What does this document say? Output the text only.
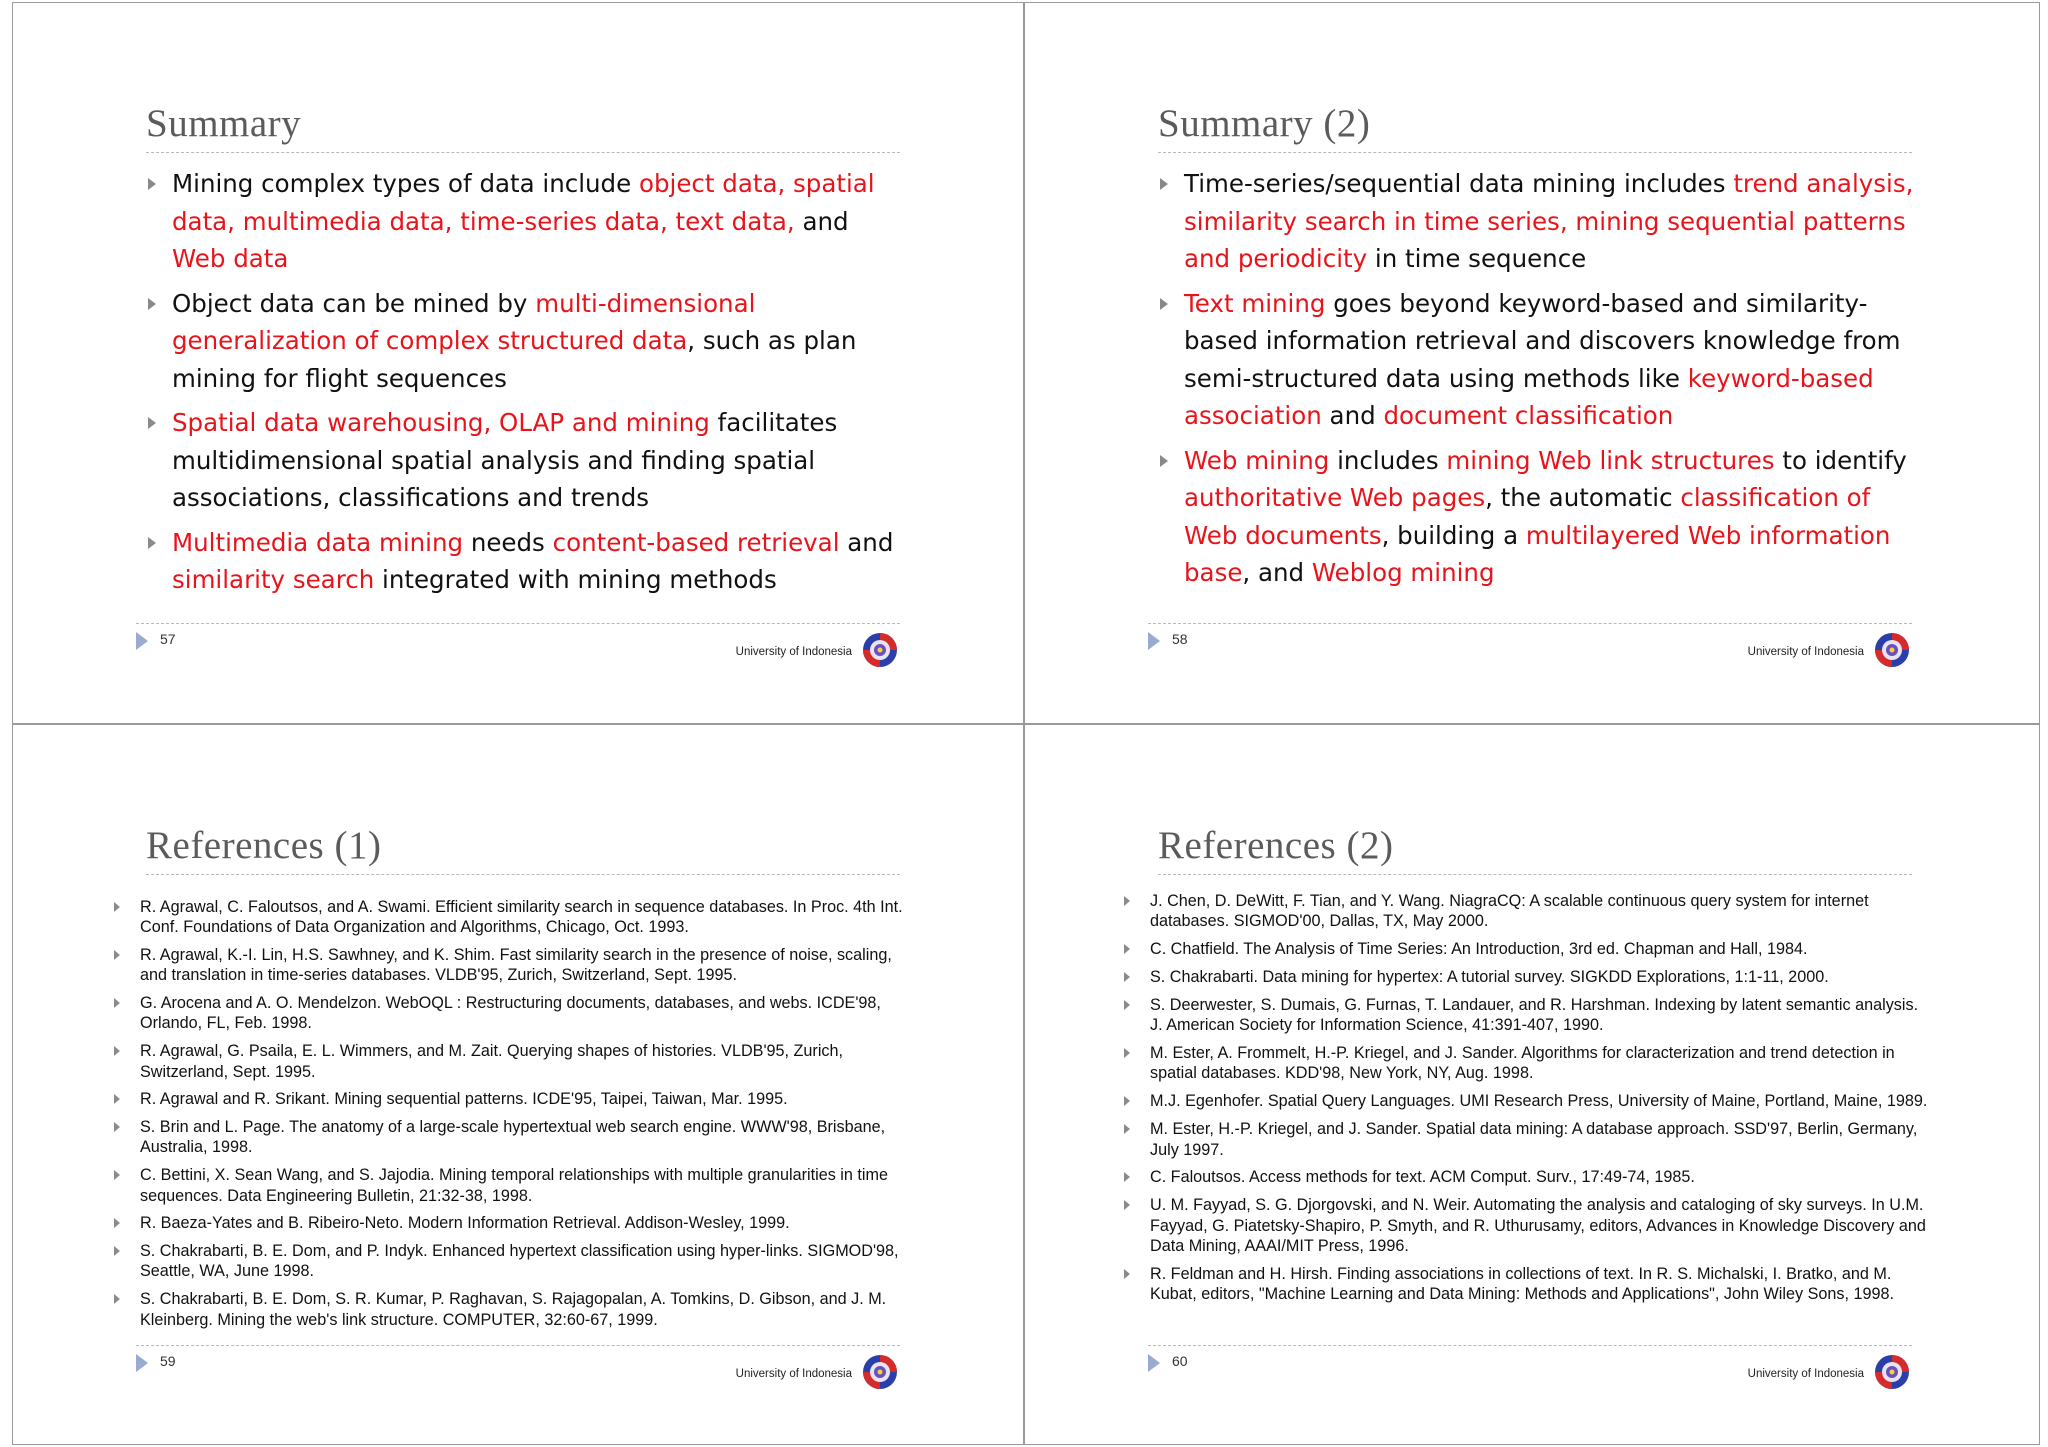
Summary
Mining complex types of data include object data, spatial data, multimedia data, time-series data, text data, and Web data
Object data can be mined by multi-dimensional generalization of complex structured data, such as plan mining for flight sequences
Spatial data warehousing, OLAP and mining facilitates multidimensional spatial analysis and finding spatial associations, classifications and trends
Multimedia data mining needs content-based retrieval and similarity search integrated with mining methods
57
University of Indonesia
Summary (2)
Time-series/sequential data mining includes trend analysis, similarity search in time series, mining sequential patterns and periodicity in time sequence
Text mining goes beyond keyword-based and similarity-based information retrieval and discovers knowledge from semi-structured data using methods like keyword-based association and document classification
Web mining includes mining Web link structures to identify authoritative Web pages, the automatic classification of Web documents, building a multilayered Web information base, and Weblog mining
58
University of Indonesia
References (1)
R. Agrawal, C. Faloutsos, and A. Swami. Efficient similarity search in sequence databases. In Proc. 4th Int. Conf. Foundations of Data Organization and Algorithms, Chicago, Oct. 1993.
R. Agrawal, K.-I. Lin, H.S. Sawhney, and K. Shim. Fast similarity search in the presence of noise, scaling, and translation in time-series databases. VLDB'95, Zurich, Switzerland, Sept. 1995.
G. Arocena and A. O. Mendelzon. WebOQL : Restructuring documents, databases, and webs. ICDE'98, Orlando, FL, Feb. 1998.
R. Agrawal, G. Psaila, E. L. Wimmers, and M. Zait. Querying shapes of histories. VLDB'95, Zurich, Switzerland, Sept. 1995.
R. Agrawal and R. Srikant. Mining sequential patterns. ICDE'95, Taipei, Taiwan, Mar. 1995.
S. Brin and L. Page. The anatomy of a large-scale hypertextual web search engine. WWW'98, Brisbane, Australia, 1998.
C. Bettini, X. Sean Wang, and S. Jajodia. Mining temporal relationships with multiple granularities in time sequences. Data Engineering Bulletin, 21:32-38, 1998.
R. Baeza-Yates and B. Ribeiro-Neto. Modern Information Retrieval. Addison-Wesley, 1999.
S. Chakrabarti, B. E. Dom, and P. Indyk. Enhanced hypertext classification using hyper-links. SIGMOD'98, Seattle, WA, June 1998.
S. Chakrabarti, B. E. Dom, S. R. Kumar, P. Raghavan, S. Rajagopalan, A. Tomkins, D. Gibson, and J. M. Kleinberg. Mining the web's link structure. COMPUTER, 32:60-67, 1999.
59
University of Indonesia
References (2)
J. Chen, D. DeWitt, F. Tian, and Y. Wang. NiagraCQ: A scalable continuous query system for internet databases. SIGMOD'00, Dallas, TX, May 2000.
C. Chatfield. The Analysis of Time Series: An Introduction, 3rd ed. Chapman and Hall, 1984.
S. Chakrabarti. Data mining for hypertex: A tutorial survey. SIGKDD Explorations, 1:1-11, 2000.
S. Deerwester, S. Dumais, G. Furnas, T. Landauer, and R. Harshman. Indexing by latent semantic analysis. J. American Society for Information Science, 41:391-407, 1990.
M. Ester, A. Frommelt, H.-P. Kriegel, and J. Sander. Algorithms for claracterization and trend detection in spatial databases. KDD'98, New York, NY, Aug. 1998.
M.J. Egenhofer. Spatial Query Languages. UMI Research Press, University of Maine, Portland, Maine, 1989.
M. Ester, H.-P. Kriegel, and J. Sander. Spatial data mining: A database approach. SSD'97, Berlin, Germany, July 1997.
C. Faloutsos. Access methods for text. ACM Comput. Surv., 17:49-74, 1985.
U. M. Fayyad, S. G. Djorgovski, and N. Weir. Automating the analysis and cataloging of sky surveys. In U.M. Fayyad, G. Piatetsky-Shapiro, P. Smyth, and R. Uthurusamy, editors, Advances in Knowledge Discovery and Data Mining, AAAI/MIT Press, 1996.
R. Feldman and H. Hirsh. Finding associations in collections of text. In R. S. Michalski, I. Bratko, and M. Kubat, editors, "Machine Learning and Data Mining: Methods and Applications", John Wiley Sons, 1998.
60
University of Indonesia
